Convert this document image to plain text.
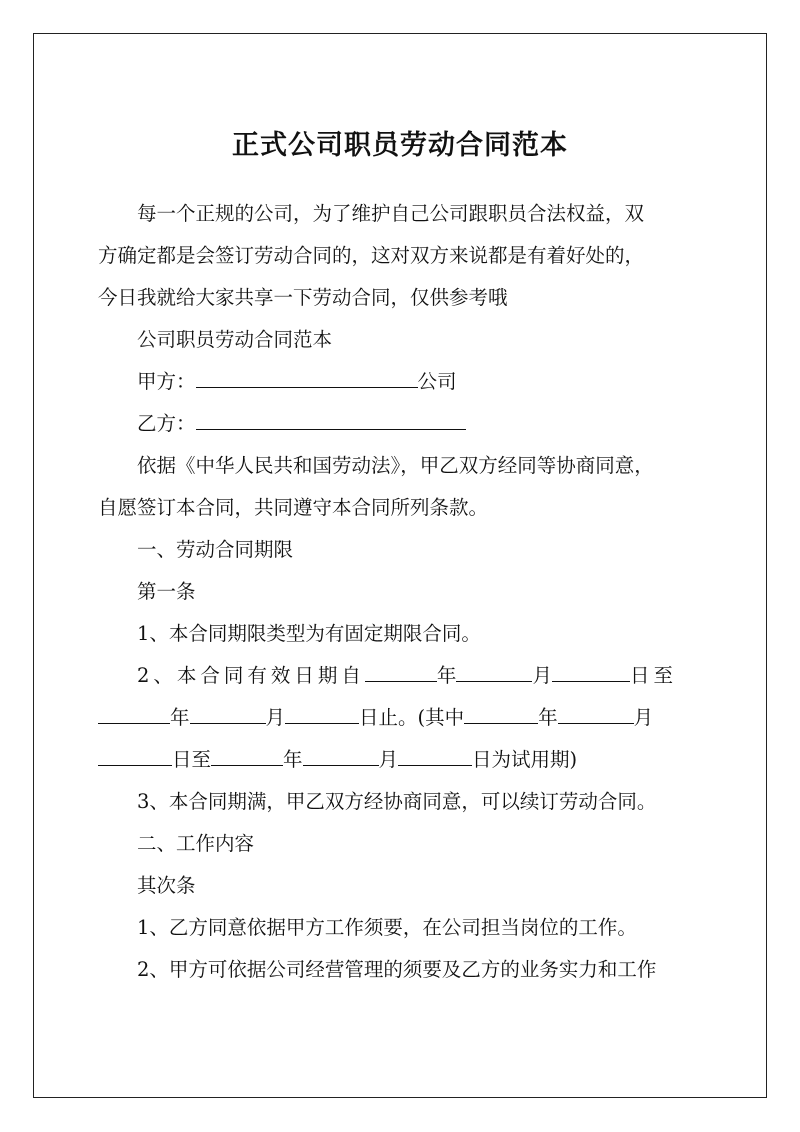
正式公司职员劳动合同范本
每一个正规的公司，为了维护自己公司跟职员合法权益，双
方确定都是会签订劳动合同的，这对双方来说都是有着好处的，
今日我就给大家共享一下劳动合同，仅供参考哦
公司职员劳动合同范本
甲方：	公司
乙方：
依据《中华人民共和国劳动法》，甲乙双方经同等协商同意，
自愿签订本合同，共同遵守本合同所列条款。
一、劳动合同期限
第一条
1、本合同期限类型为有固定期限合同。
2、本合同有效日期自	年	月	日至
年	月	日止。(其中	年	月
日至	年	月	日为试用期)
3、本合同期满，甲乙双方经协商同意，可以续订劳动合同。
二、工作内容
其次条
1、乙方同意依据甲方工作须要，在公司担当岗位的工作。
2、甲方可依据公司经营管理的须要及乙方的业务实力和工作
